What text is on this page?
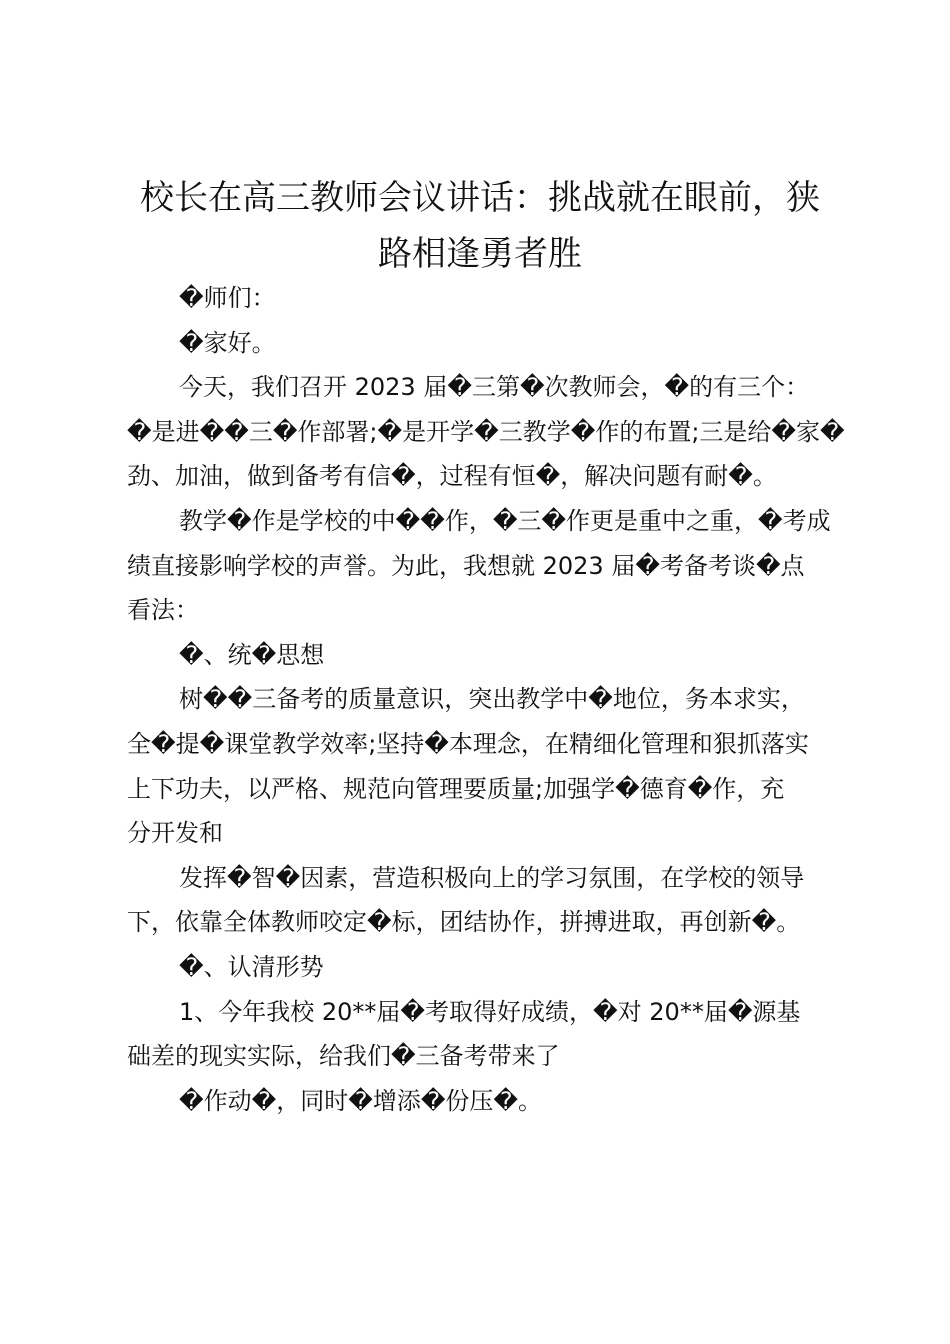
校长在高三教师会议讲话：挑战就在眼前，狭
路相逢勇者胜
�师们：
�家好。
今天，我们召开 2023 届�三第�次教师会，�的有三个：
�是进��三�作部署;�是开学�三教学�作的布置;三是给�家�
劲、加油，做到备考有信�，过程有恒�，解决问题有耐�。
教学�作是学校的中��作，�三�作更是重中之重，�考成
绩直接影响学校的声誉。为此，我想就 2023 届�考备考谈�点
看法：
�、统�思想
树��三备考的质量意识，突出教学中�地位，务本求实，
全�提�课堂教学效率;坚持�本理念，在精细化管理和狠抓落实
上下功夫，以严格、规范向管理要质量;加强学�德育�作，充
分开发和
发挥�智�因素，营造积极向上的学习氛围，在学校的领导
下，依靠全体教师咬定�标，团结协作，拼搏进取，再创新�。
�、认清形势
1、今年我校 20**届�考取得好成绩，�对 20**届�源基
础差的现实实际，给我们�三备考带来了
�作动�，同时�增添�份压�。
